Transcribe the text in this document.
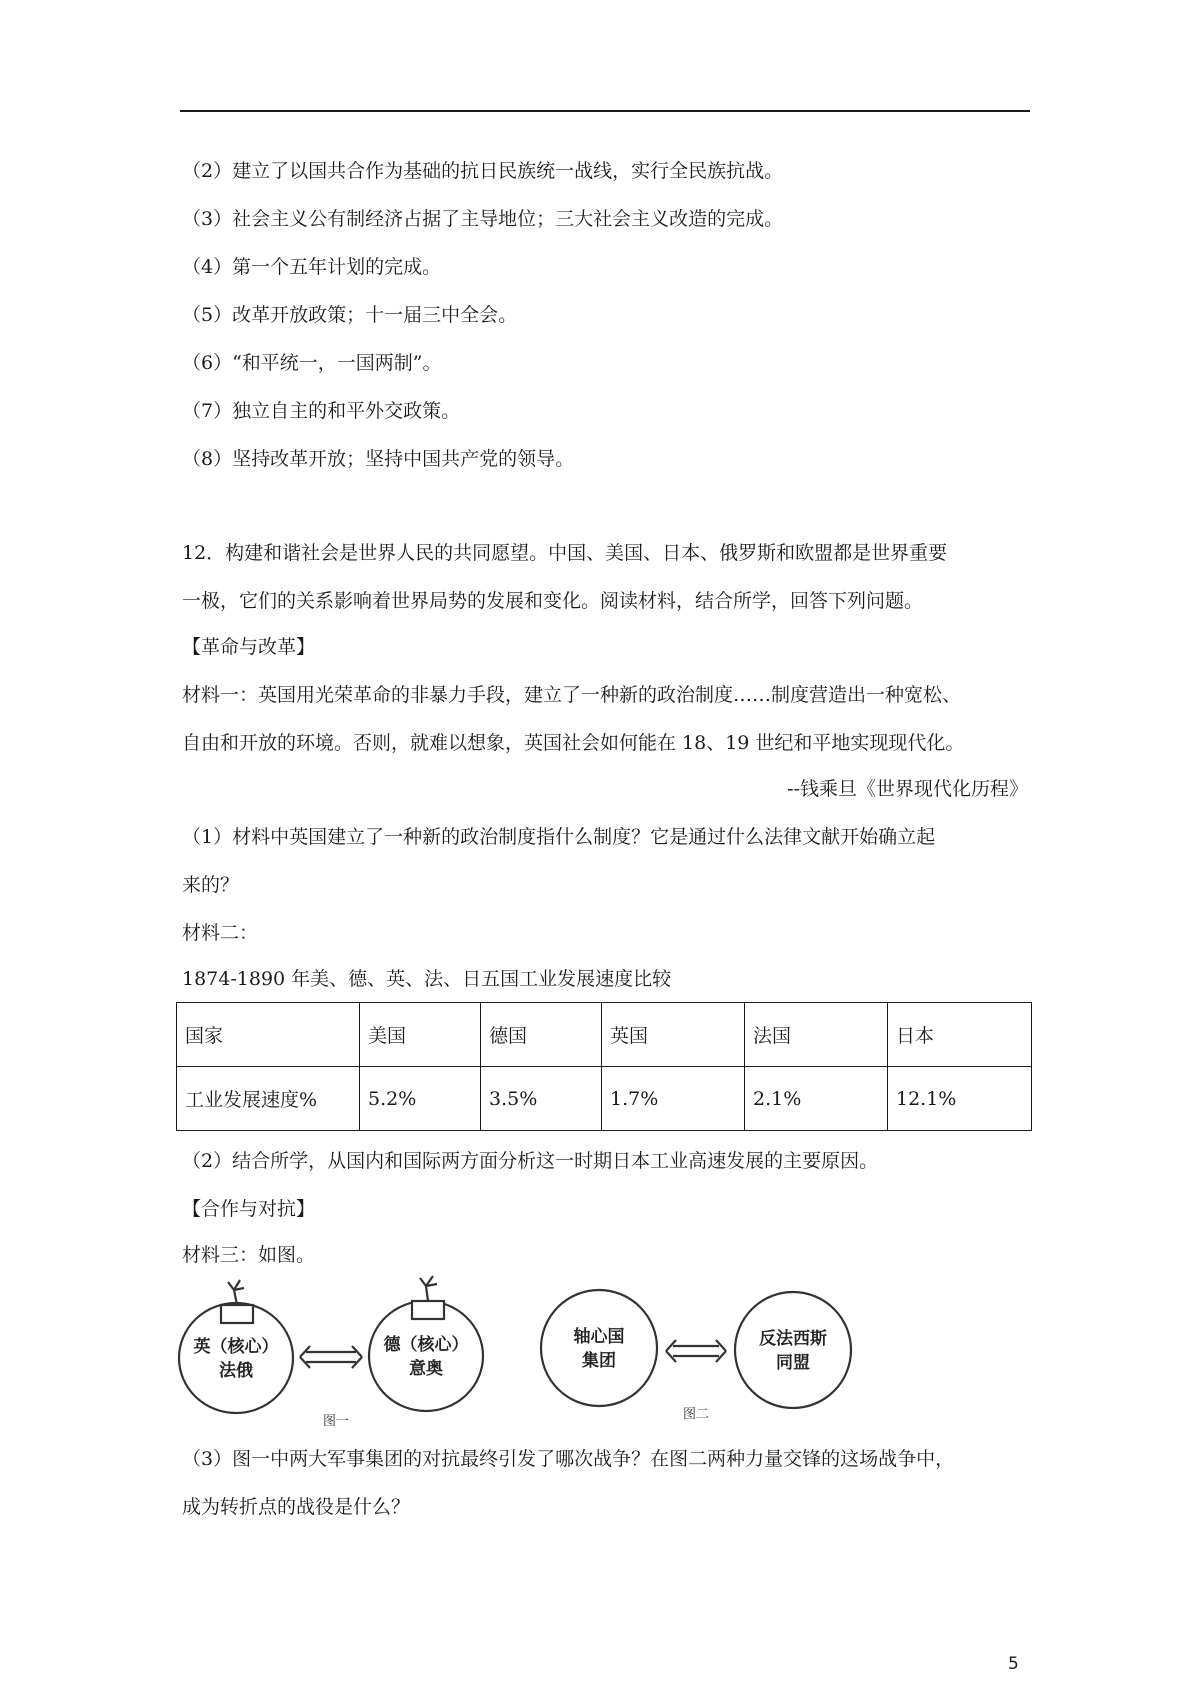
（2）建立了以国共合作为基础的抗日民族统一战线，实行全民族抗战。
（3）社会主义公有制经济占据了主导地位；三大社会主义改造的完成。
（4）第一个五年计划的完成。
（5）改革开放政策；十一届三中全会。
（6）“和平统一，一国两制”。
（7）独立自主的和平外交政策。
（8）坚持改革开放；坚持中国共产党的领导。
12．构建和谐社会是世界人民的共同愿望。中国、美国、日本、俄罗斯和欧盟都是世界重要
一极，它们的关系影响着世界局势的发展和变化。阅读材料，结合所学，回答下列问题。
【革命与改革】
材料一：英国用光荣革命的非暴力手段，建立了一种新的政治制度……制度营造出一种宽松、
自由和开放的环境。否则，就难以想象，英国社会如何能在 18、19 世纪和平地实现现代化。
--钱乘旦《世界现代化历程》
（1）材料中英国建立了一种新的政治制度指什么制度？它是通过什么法律文献开始确立起
来的？
材料二：
1874-1890 年美、德、英、法、日五国工业发展速度比较
国家	美国	德国	英国	法国	日本
工业发展速度%	5.2%	3.5%	1.7%	2.1%	12.1%
（2）结合所学，从国内和国际两方面分析这一时期日本工业高速发展的主要原因。
【合作与对抗】
材料三：如图。
英（核心）
法俄
德（核心）
意奥
轴心国
集团
反法西斯
同盟
图一	图二
（3）图一中两大军事集团的对抗最终引发了哪次战争？在图二两种力量交锋的这场战争中，
成为转折点的战役是什么？
5
